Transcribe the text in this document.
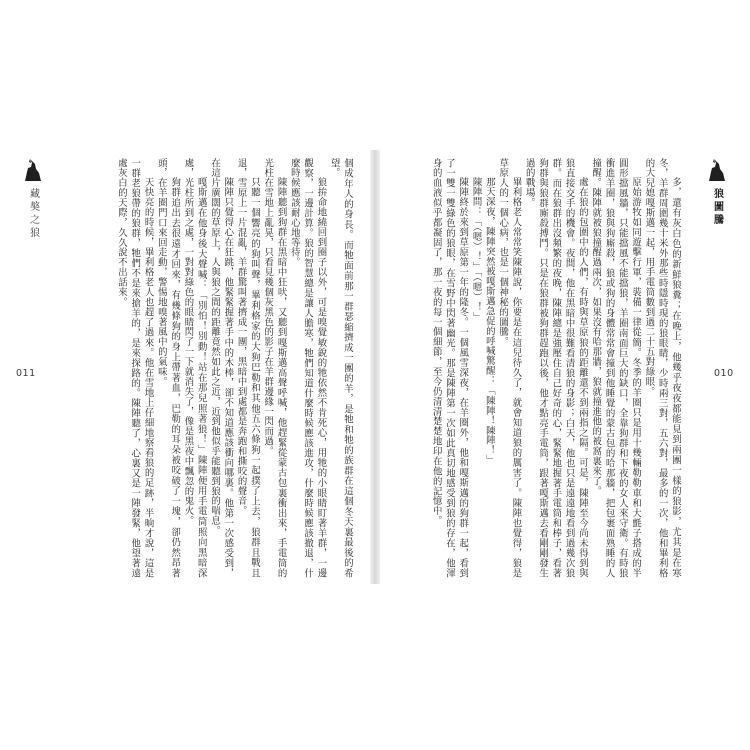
藏獒之狼
011
狼圖騰
010

多，還有灰白色的新鮮狼糞；在晚上，他幾乎夜夜都能見到兩團一樣的狼影，尤其是在寒冬，羊群周圍幾十米外那些時隱時現的狼眼睛，少時兩三對，五六對，最多的一次，他和畢利格的大兒媳嘎斯邁一起，用手電筒數到過二十五對綠眼。

原始游牧如同遊擊行軍，裝備一律從簡。冬季的羊圈只是用十幾輛勒勒車和大氈子搭成的半圓形擋風牆，只能擋風不能擋狼，羊圈南面巨大的缺口，全靠狗群和下夜的女人來守衛。有時狼衝進羊圈，狼與狗廝殺，狼或狗的身體常常會撞到他睡覺的蒙古包的哈那牆，把包裹面熟睡的人撞醒。陳陣就被狼撞醒過兩次，如果沒有哈那牆，狼就撞進他的被窩裏來了。

處在狼的包圍中的人們，有時與草原狼的距離還不到兩指之隔。可是，陳陣至今尚未得到與狼直接交手的機會。夜間，他在黑暗中很難看清狼的身影；白天，他也只是遠遠地看到過幾次狼群。而在狼群出沒頻繁的夜晚，陳陣總是強壓住自己好奇的心，緊緊地握著手電筒和棒子，看著狗群與狼群廝殺搏鬥。只是在狼群被狗群趕跑以後，他才點亮手電筒，跟著嘎斯邁去看剛剛發生過的戰場。

畢利格老人常常笑陳陣說，你要是在這兒待久了，就會知道狼的厲害了。陳陣也覺得，狼是草原人的一個心病，也是一個神秘的圖騰。

那天深夜，陳陣突然被嘎斯邁急促的呼喊驚醒：「陳陣！陳陣！」

陳陣問：「（嗯）！」「（嗯）！」

陳陣終於來到草原第一年的隆冬。一個風雪深夜，在羊圈外，他和嘎斯邁的狗群一起，看到了一雙一雙綠色的狼眼，在雪野中閃著幽光。那是陳陣第一次如此真切地感受到狼的存在，他渾身的血液似乎都凝固了，那一夜的每一個細節，至今仍清清楚楚地印在他的記憶中。

個成年人的身長。而牠面前那一群瑟縮擠成一團的羊，是牠和牠的族群在這個冬天裏最後的希望。

狼拚命地繞回到圈子以外，可是嗅覺敏銳的牠依然不肯死心，用牠的小眼睛盯著羊群，一邊觀察，一邊計算。狼的智慧總是讓人膽寒，牠們知道什麼時候應該進攻，什麼時候應該撤退，什麼時候應該耐心地等待。

陳陣聽到狗群在黑暗中狂吠，又聽到嘎斯邁高聲呼喊，他趕緊從蒙古包裏衝出來，手電筒的光柱在雪地上亂晃，只看見幾個灰黑色的影子在羊群邊緣一閃而過。

只聽一個響亮的狗叫聲，畢利格家的大狗巴勒和其他五六條狗一起撲了上去，狼群且戰且退，雪原上一片混亂，羊群驚叫著擠成一團，黑暗中到處都是奔跑和撕咬的聲音。

陳陣只覺得心在狂跳，他緊緊握著手中的木棒，卻不知道應該衝向哪裏。他第一次感受到，在這片廣闊的草原上，人與狼之間的距離竟然如此之近，近到他似乎能聽到狼的喘息。

嘎斯邁在他身後大聲喊：「別怕！別動！站在那兒照著狼！」陳陣便用手電筒照向黑暗深處，光柱所到之處，一對對綠色的眼睛閃了一下就消失了，像是黑夜中飄忽的鬼火。

狗群追出去很遠才回來，有幾條狗的身上帶著血，巴勒的耳朵被咬破了一塊，卻仍然昂著頭，在羊圈門口來回走動，警惕地嗅著風中的氣味。

天快亮的時候，畢利格老人也趕了過來。他在雪地上仔細地察看狼的足跡，半晌才說，這是一群老狼帶的狼群，牠們不是來搶羊的，是來探路的。陳陣聽了，心裏又是一陣發緊，他望著遠處灰白的天際，久久說不出話來。
